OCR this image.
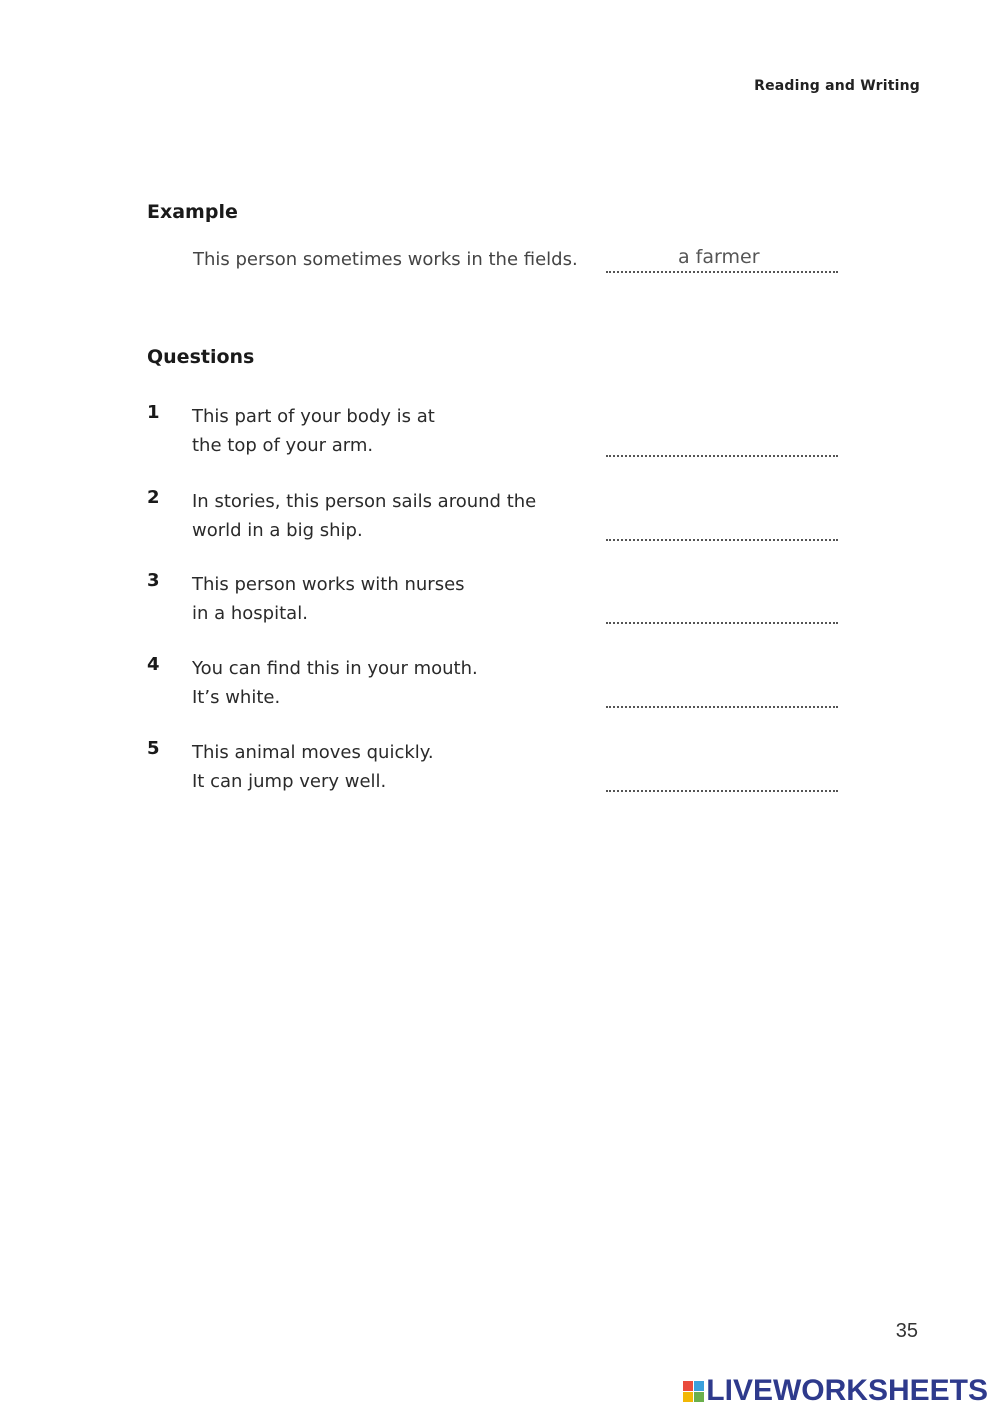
Reading and Writing
Example
This person sometimes works in the fields.	a farmer
Questions
1 This part of your body is at
the top of your arm.
2 In stories, this person sails around the
world in a big ship.
3 This person works with nurses
in a hospital.
4 You can find this in your mouth.
It’s white.
5 This animal moves quickly.
It can jump very well.
35
LIVEWORKSHEETS
